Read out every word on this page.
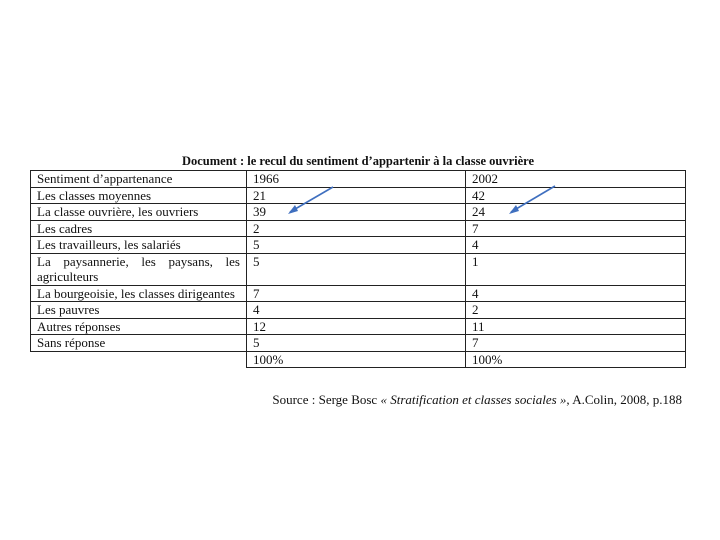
Document : le recul du sentiment d’appartenir à la classe ouvrière
Sentiment d’appartenance	1966	2002
Les classes moyennes	21	42
La classe ouvrière, les ouvriers	39	24
Les cadres	2	7
Les travailleurs, les salariés	5	4
La paysannerie, les paysans, les agriculteurs	5	1
La bourgeoisie, les classes dirigeantes	7	4
Les pauvres	4	2
Autres réponses	12	11
Sans réponse	5	7
	100%	100%
Source : Serge Bosc « Stratification et classes sociales », A.Colin, 2008, p.188
